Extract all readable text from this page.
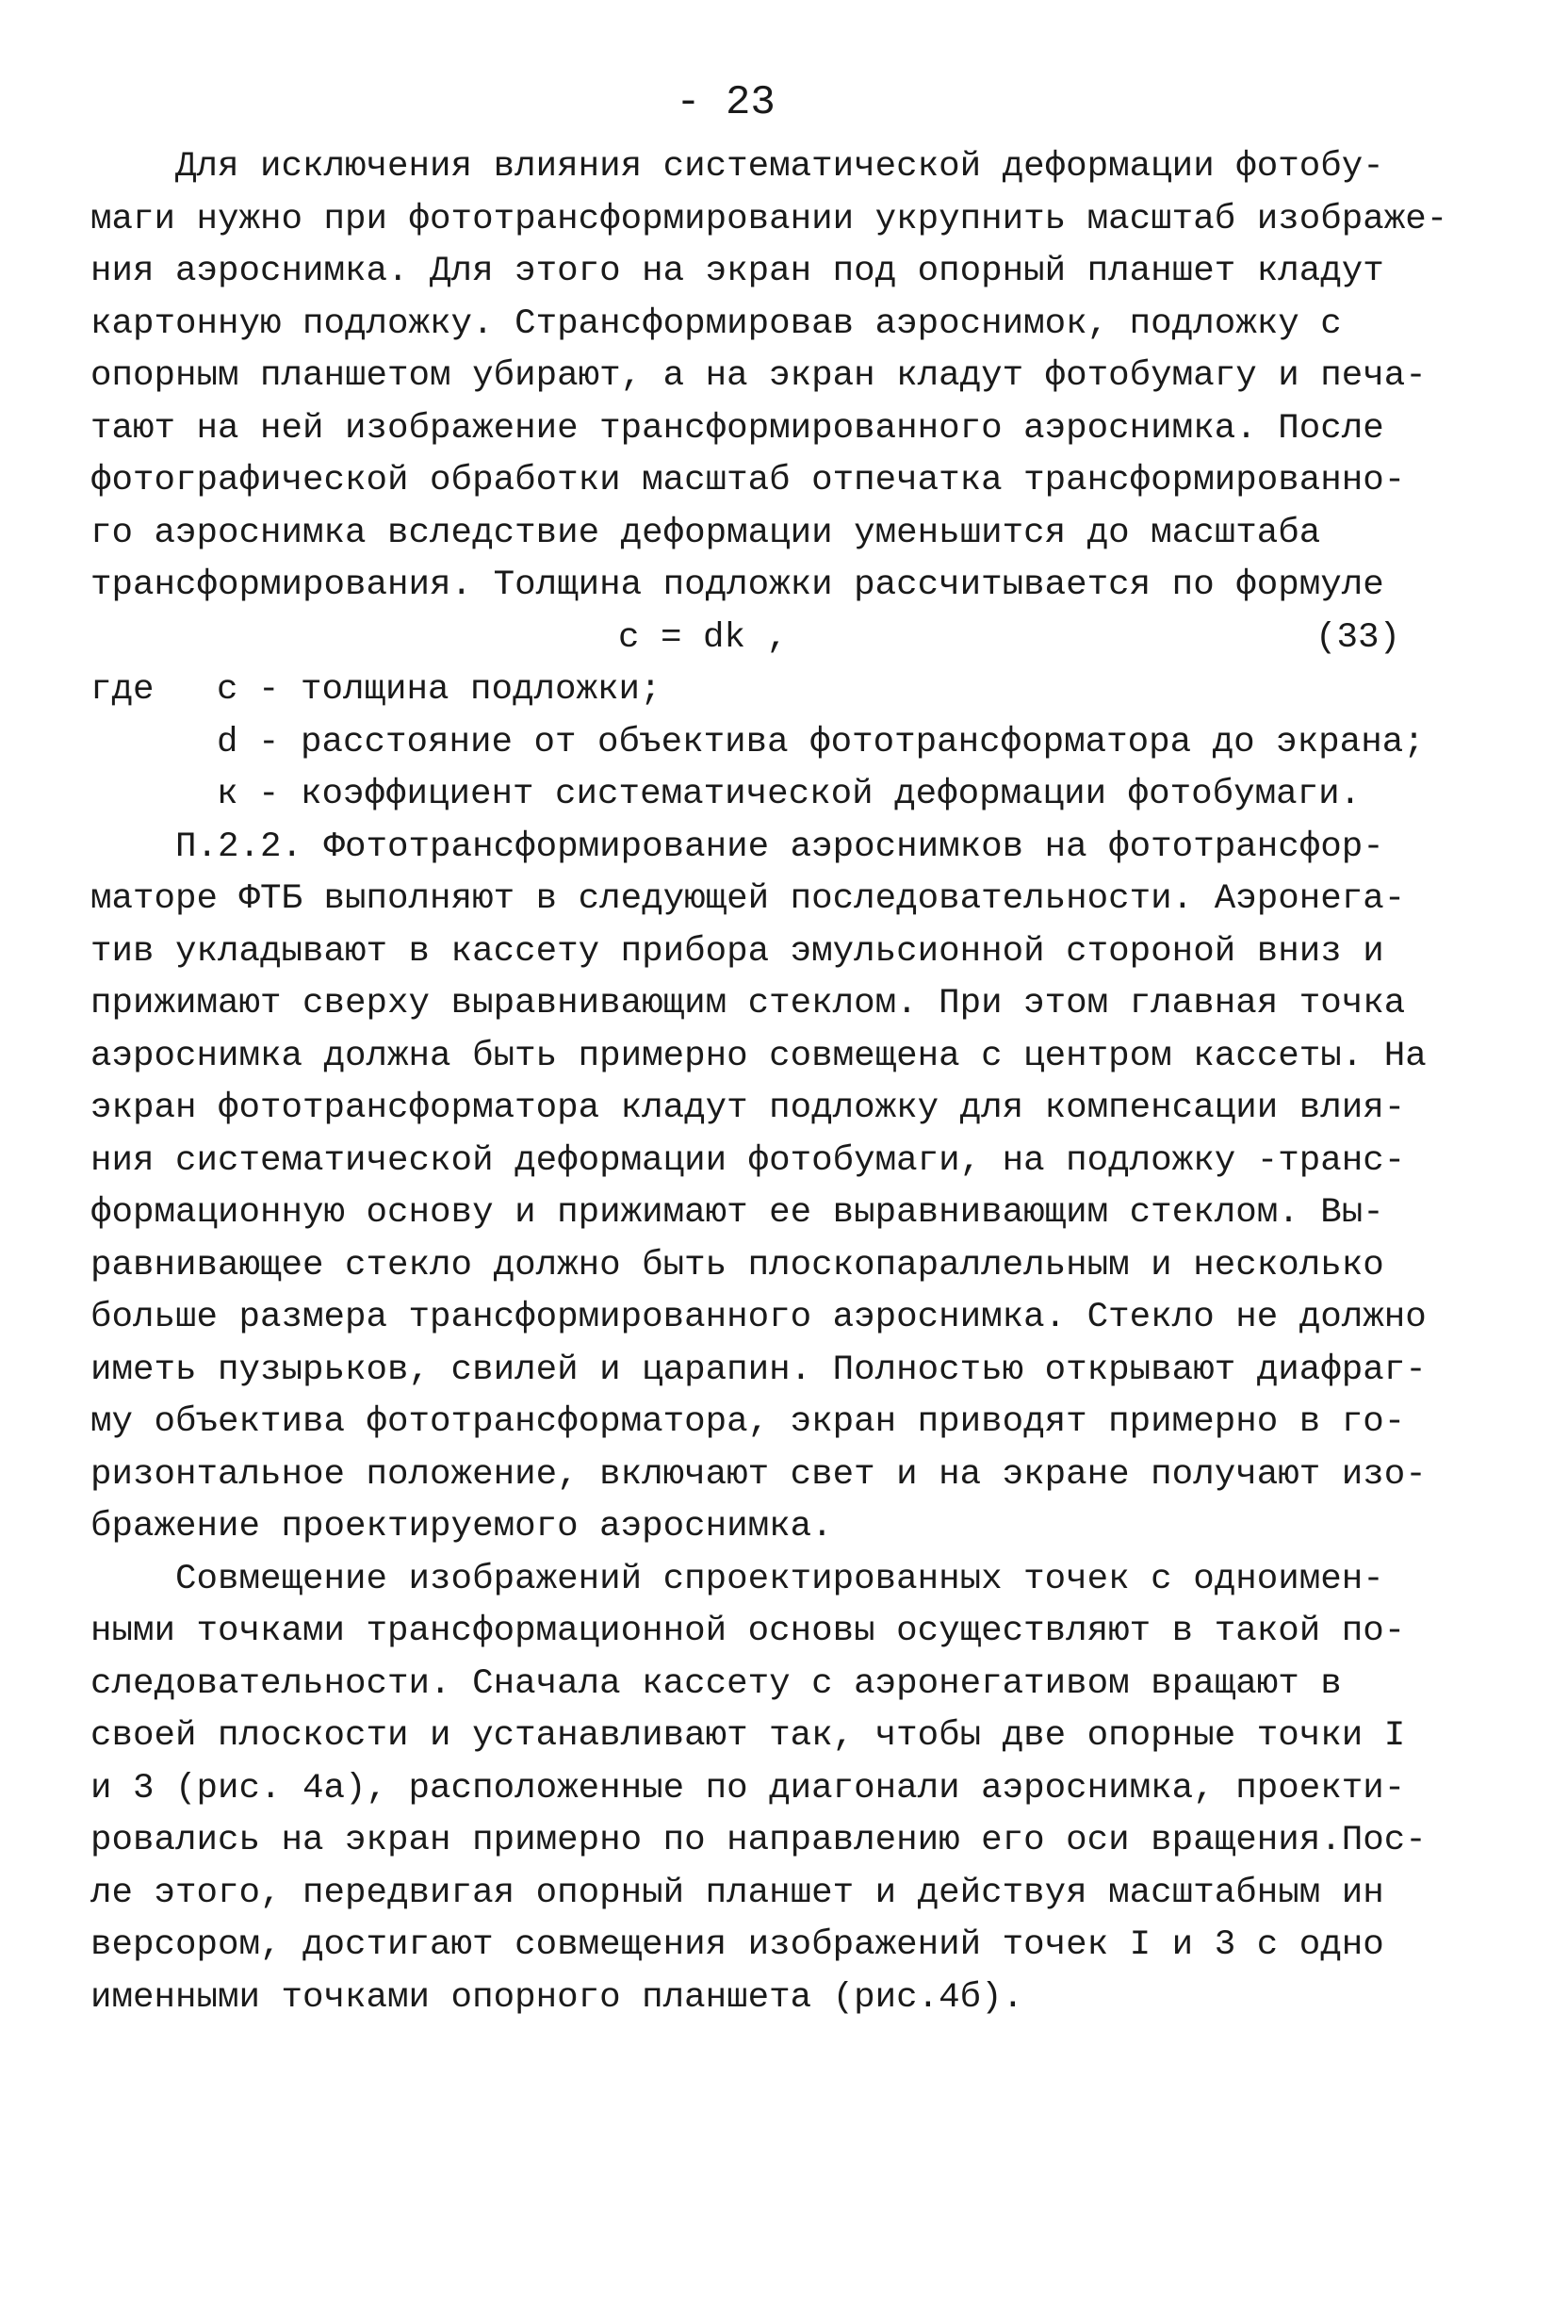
- 23
Для исключения влияния систематической деформации фотобу-
маги нужно при фототрансформировании укрупнить масштаб изображе-
ния аэроснимка. Для этого на экран под опорный планшет кладут
картонную подложку. Странсформировав аэроснимок, подложку с
опорным планшетом убирают, а на экран кладут фотобумагу и печа-
тают на ней изображение трансформированного аэроснимка. После
фотографической обработки масштаб отпечатка трансформированно-
го аэроснимка вследствие деформации уменьшится до масштаба
трансформирования. Толщина подложки рассчитывается по формуле
c = dk ,	(33)
где c - толщина подложки;
d - расстояние от объектива фототрансформатора до экрана;
к - коэффициент систематической деформации фотобумаги.
П.2.2. Фототрансформирование аэроснимков на фототрансфор-
маторе ФТБ выполняют в следующей последовательности. Аэронега-
тив укладывают в кассету прибора эмульсионной стороной вниз и
прижимают сверху выравнивающим стеклом. При этом главная точка
аэроснимка должна быть примерно совмещена с центром кассеты. На
экран фототрансформатора кладут подложку для компенсации влия-
ния систематической деформации фотобумаги, на подложку -транс-
формационную основу и прижимают ее выравнивающим стеклом. Вы-
равнивающее стекло должно быть плоскопараллельным и несколько
больше размера трансформированного аэроснимка. Стекло не должно
иметь пузырьков, свилей и царапин. Полностью открывают диафраг-
му объектива фототрансформатора, экран приводят примерно в го-
ризонтальное положение, включают свет и на экране получают изо-
бражение проектируемого аэроснимка.
Совмещение изображений спроектированных точек с одноимен-
ными точками трансформационной основы осуществляют в такой по-
следовательности. Сначала кассету с аэронегативом вращают в
своей плоскости и устанавливают так, чтобы две опорные точки I
и 3 (рис. 4а), расположенные по диагонали аэроснимка, проекти-
ровались на экран примерно по направлению его оси вращения.Пос-
ле этого, передвигая опорный планшет и действуя масштабным ин
версором, достигают совмещения изображений точек I и 3 с одно
именными точками опорного планшета (рис.4б).
